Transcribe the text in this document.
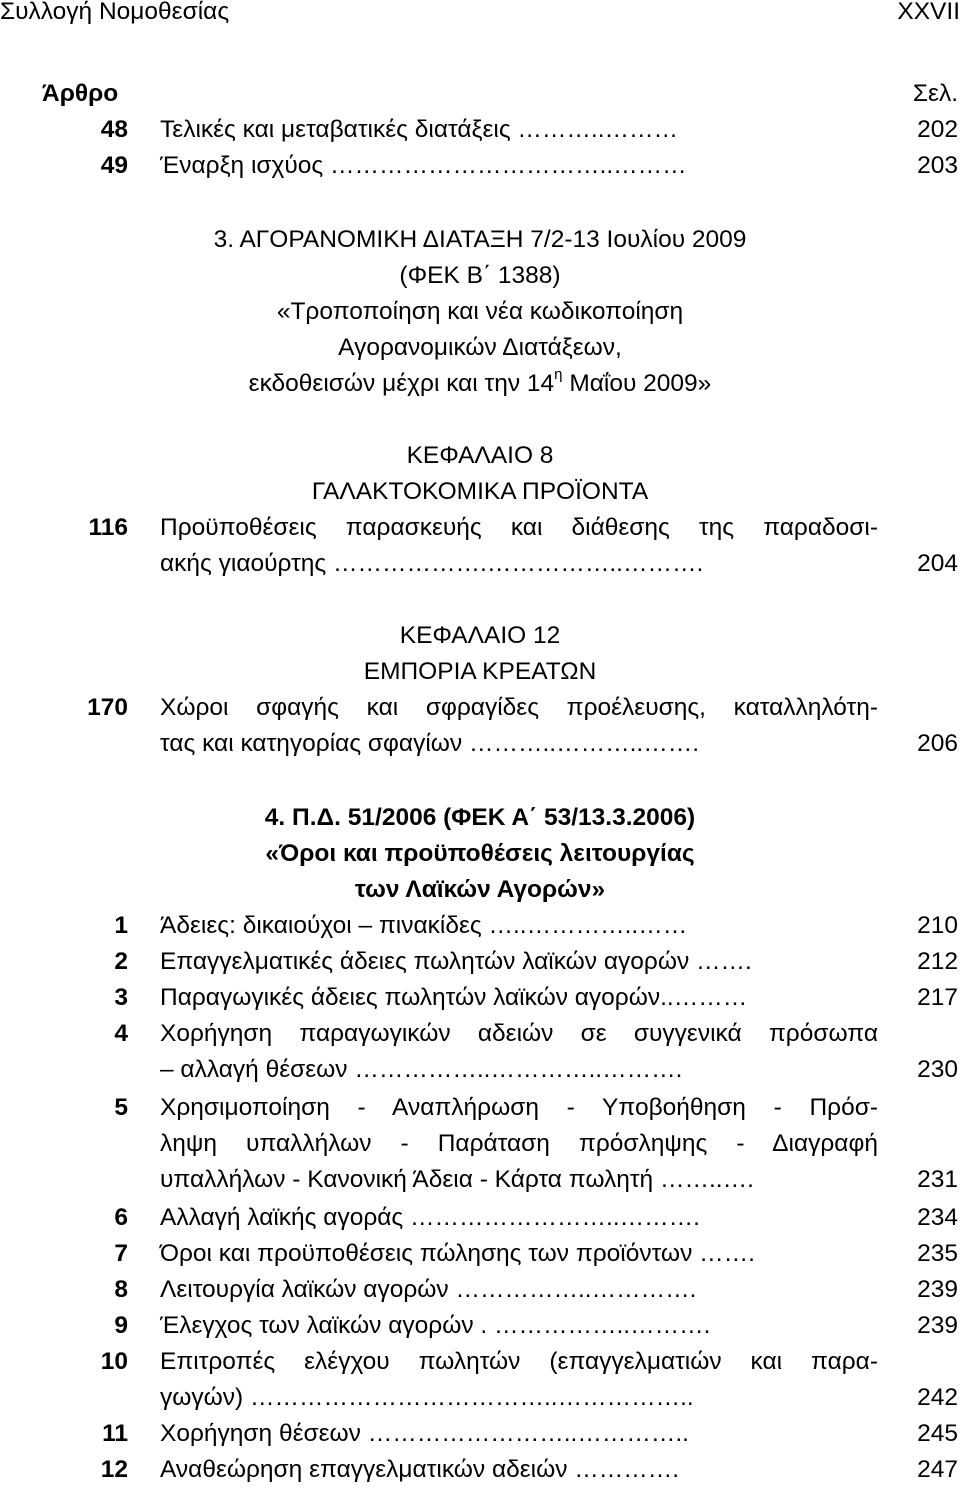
Συλλογή Νομοθεσίας	XXVII
Άρθρο	Σελ.
48 Τελικές και μεταβατικές διατάξεις ………..………	202
49 Έναρξη ισχύος ……………………………..………	203
3. ΑΓΟΡΑΝΟΜΙΚΗ ΔΙΑΤΑΞΗ 7/2-13 Ιουλίου 2009
(ΦΕΚ Β΄ 1388)
«Τροποποίηση και νέα κωδικοποίηση
Αγορανομικών Διατάξεων,
εκδοθεισών μέχρι και την $14^\eta$ Μαΐου 2009»
ΚΕΦΑΛΑΙΟ 8
ΓΑΛΑΚΤΟΚΟΜΙΚΑ ΠΡΟΪΟΝΤΑ
116 Προϋποθέσεις παρασκευής και διάθεσης της παραδοσι-
ακής γιαούρτης ……………….……………..……….	204
ΚΕΦΑΛΑΙΟ 12
ΕΜΠΟΡΙΑ ΚΡΕΑΤΩΝ
170 Χώροι σφαγής και σφραγίδες προέλευσης, καταλληλότη-
τας και κατηγορίας σφαγίων ………..………..…….	206
4. Π.Δ. 51/2006 (ΦΕΚ Α΄ 53/13.3.2006)
«Όροι και προϋποθέσεις λειτουργίας
των Λαϊκών Αγορών»
1 Άδειες: δικαιούχοι – πινακίδες …..…………..……	210
2 Επαγγελματικές άδειες πωλητών λαϊκών αγορών …….	212
3 Παραγωγικές άδειες πωλητών λαϊκών αγορών..………	217
4 Χορήγηση παραγωγικών αδειών σε συγγενικά πρόσωπα
– αλλαγή θέσεων ……………..…………..……….	230
5 Χρησιμοποίηση - Αναπλήρωση - Υποβοήθηση - Πρόσ-
ληψη υπαλλήλων - Παράταση πρόσληψης - Διαγραφή
υπαλλήλων - Κανονική Άδεια - Κάρτα πωλητή ……..….	231
6 Αλλαγή λαϊκής αγοράς ……………………..……….	234
7 Όροι και προϋποθέσεις πώλησης των προϊόντων …….	235
8 Λειτουργία λαϊκών αγορών ……………..………….	239
9 Έλεγχος των λαϊκών αγορών . ……………..……….	239
10 Επιτροπές ελέγχου πωλητών (επαγγελματιών και παρα-
γωγών) ………………………………..……………..	242
11 Χορήγηση θέσεων ……………………..…………..	245
12 Αναθεώρηση επαγγελματικών αδειών ………….	247
